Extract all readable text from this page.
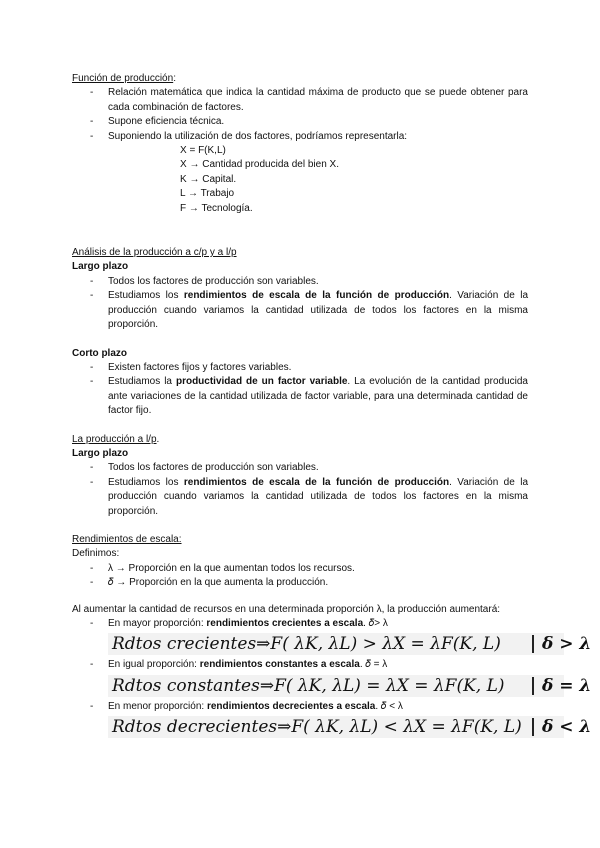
Función de producción:

- Relación matemática que indica la cantidad máxima de producto que se puede obtener para cada combinación de factores.
- Supone eficiencia técnica.
- Suponiendo la utilización de dos factores, podríamos representarla:

X = F(K,L)

X → Cantidad producida del bien X.

K → Capital.

L → Trabajo

F → Tecnología.

Análisis de la producción a c/p y a l/p

Largo plazo

- Todos los factores de producción son variables.
- Estudiamos los rendimientos de escala de la función de producción. Variación de la producción cuando variamos la cantidad utilizada de todos los factores en la misma proporción.

Corto plazo

- Existen factores fijos y factores variables.
- Estudiamos la productividad de un factor variable. La evolución de la cantidad producida ante variaciones de la cantidad utilizada de factor variable, para una determinada cantidad de factor fijo.

La producción a l/p.

Largo plazo

- Todos los factores de producción son variables.
- Estudiamos los rendimientos de escala de la función de producción. Variación de la producción cuando variamos la cantidad utilizada de todos los factores en la misma proporción.

Rendimientos de escala:

Definimos:

- λ → Proporción en la que aumentan todos los recursos.
- 𝛿 → Proporción en la que aumenta la producción.

Al aumentar la cantidad de recursos en una determinada proporción λ, la producción aumentará:

- En mayor proporción: rendimientos crecientes a escala. 𝛿> λ
Rdtos crecientes⇒F( λK, λL) > λX = λF(K, L) δ > λ
- En igual proporción: rendimientos constantes a escala. 𝛿 = λ
Rdtos constantes⇒F( λK, λL) = λX = λF(K, L) δ = λ
- En menor proporción: rendimientos decrecientes a escala. 𝛿 < λ
Rdtos decrecientes⇒F( λK, λL) < λX = λF(K, L) δ < λ
